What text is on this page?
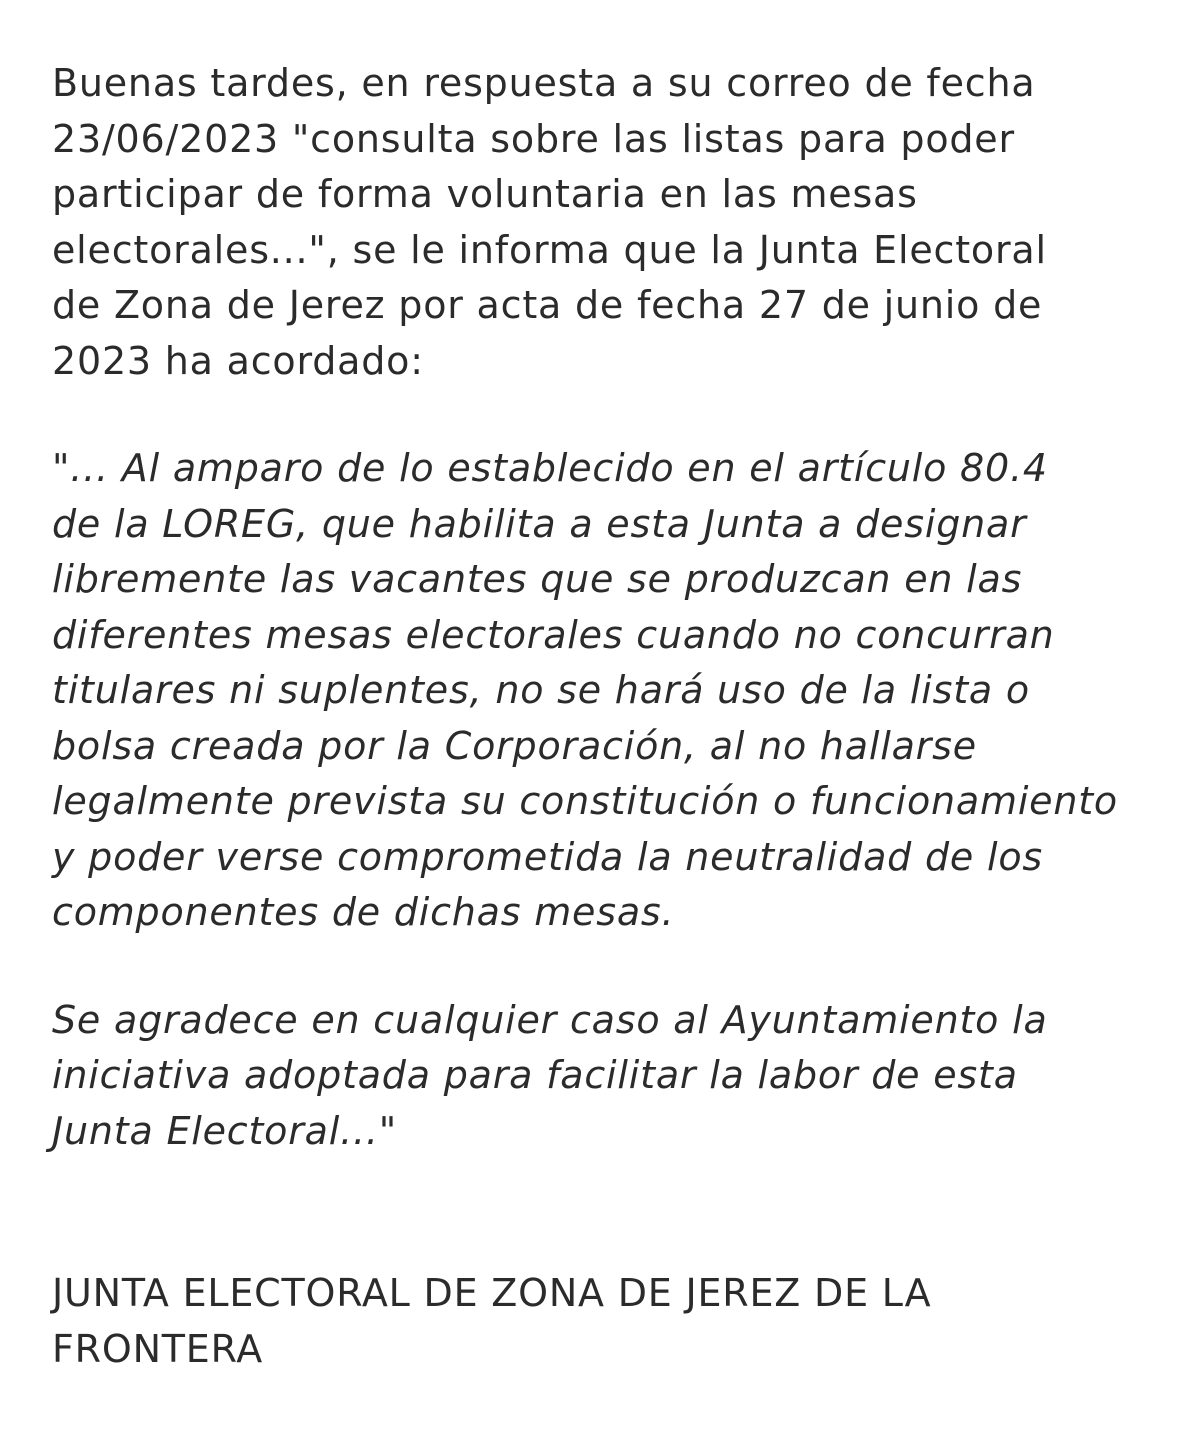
Buenas tardes, en respuesta a su correo de fecha
23/06/2023 "consulta sobre las listas para poder
participar de forma voluntaria en las mesas
electorales...", se le informa que la Junta Electoral
de Zona de Jerez por acta de fecha 27 de junio de
2023 ha acordado:

"... Al amparo de lo establecido en el artículo 80.4
de la LOREG, que habilita a esta Junta a designar
libremente las vacantes que se produzcan en las
diferentes mesas electorales cuando no concurran
titulares ni suplentes, no se hará uso de la lista o
bolsa creada por la Corporación, al no hallarse
legalmente prevista su constitución o funcionamiento
y poder verse comprometida la neutralidad de los
componentes de dichas mesas.

Se agradece en cualquier caso al Ayuntamiento la
iniciativa adoptada para facilitar la labor de esta
Junta Electoral..."

JUNTA ELECTORAL DE ZONA DE JEREZ DE LA
FRONTERA
